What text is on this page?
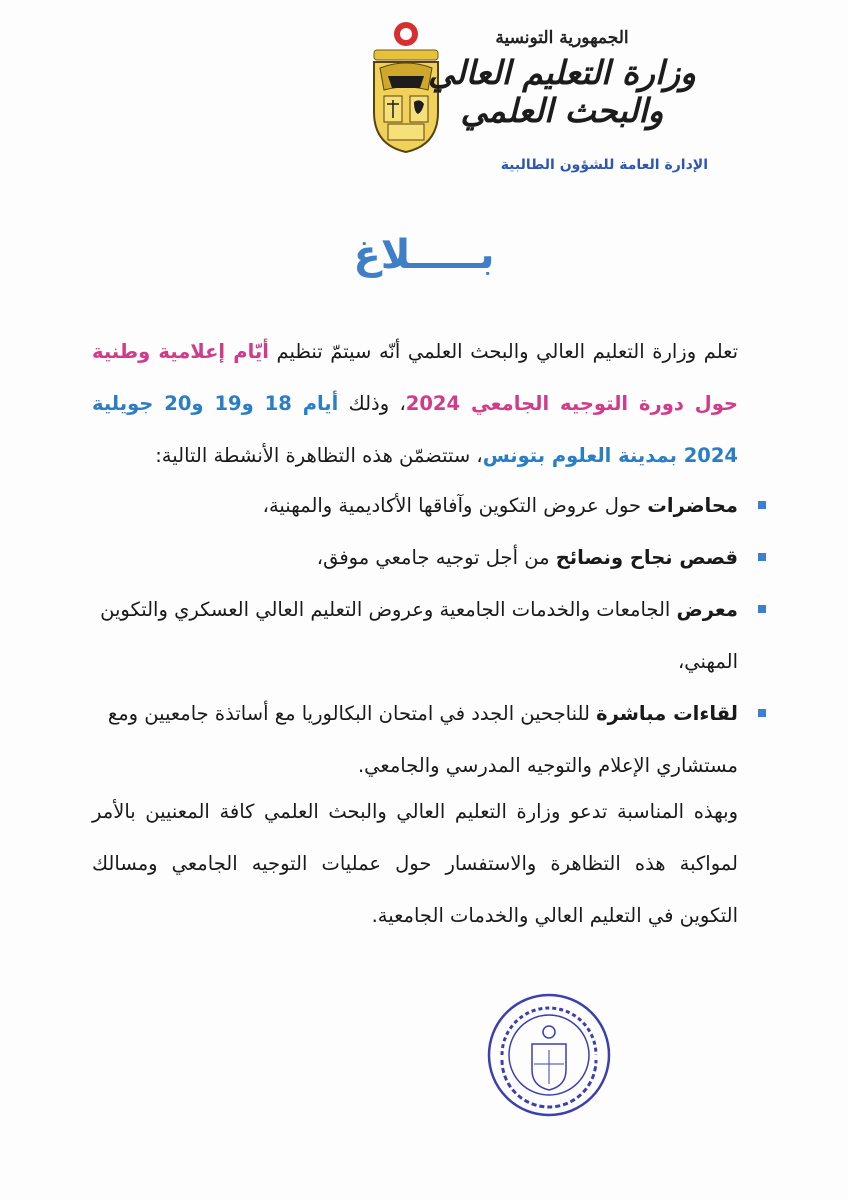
الجمهورية التونسية
وزارة التعليم العالي
والبحث العلمي
الإدارة العامة للشؤون الطالبية
بـــــلاغ
تعلم وزارة التعليم العالي والبحث العلمي أنّه سيتمّ تنظيم أيّام إعلامية وطنية حول دورة التوجيه الجامعي 2024، وذلك أيام 18 و19 و20 جويلية 2024 بمدينة العلوم بتونس، ستتضمّن هذه التظاهرة الأنشطة التالية:
محاضرات حول عروض التكوين وآفاقها الأكاديمية والمهنية،
قصص نجاح ونصائح من أجل توجيه جامعي موفق،
معرض الجامعات والخدمات الجامعية وعروض التعليم العالي العسكري والتكوين المهني،
لقاءات مباشرة للناجحين الجدد في امتحان البكالوريا مع أساتذة جامعيين ومع مستشاري الإعلام والتوجيه المدرسي والجامعي.
وبهذه المناسبة تدعو وزارة التعليم العالي والبحث العلمي كافة المعنيين بالأمر لمواكبة هذه التظاهرة والاستفسار حول عمليات التوجيه الجامعي ومسالك التكوين في التعليم العالي والخدمات الجامعية.
